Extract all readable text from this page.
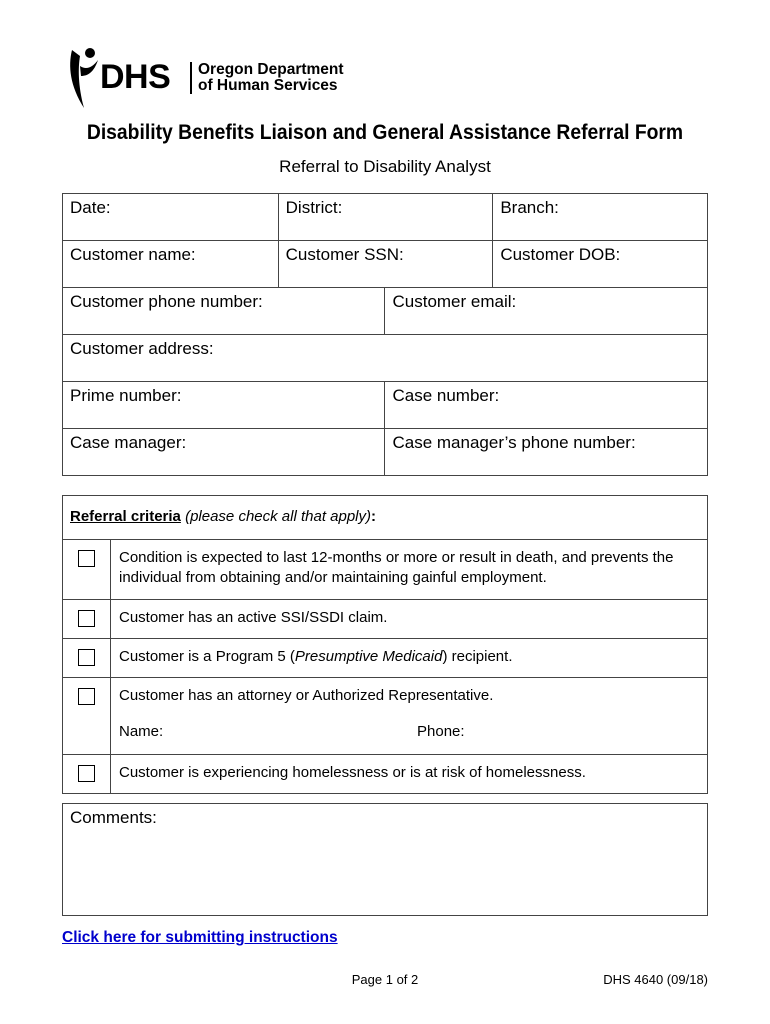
DHS Oregon Department
of Human Services
Disability Benefits Liaison and General Assistance Referral Form
Referral to Disability Analyst
Date:		District:		Branch:
Customer name:		Customer SSN:		Customer DOB:
Customer phone number:			Customer email:	
Customer address:				
Prime number:			Case number:	
Case manager:			Case manager’s phone number:	

Referral criteria (please check all that apply):	
	Condition is expected to last 12-months or more or result in death, and prevents the individual from obtaining and/or maintaining gainful employment.
	Customer has an active SSI/SSDI claim.
	Customer is a Program 5 (Presumptive Medicaid) recipient.

	Customer has an attorney or Authorized Representative.
Name: Phone:

	Customer is experiencing homelessness or is at risk of homelessness.
Comments:
Click here for submitting instructions
Page 1 of 2	DHS 4640 (09/18)
